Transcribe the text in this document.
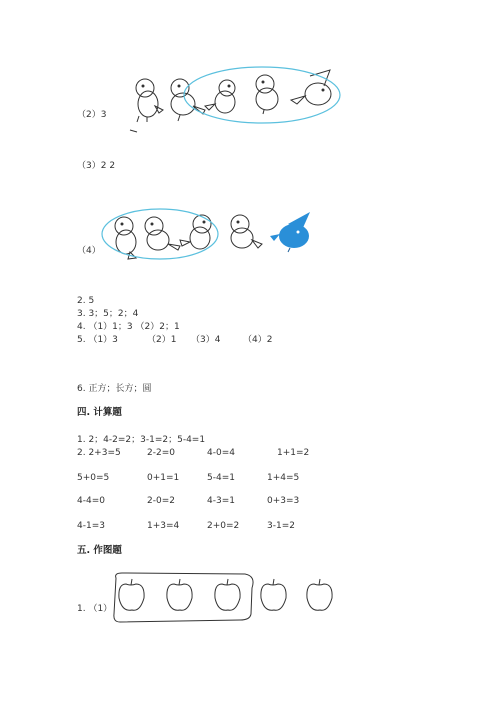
（2）3
（3）2 2
（4）
2. 5
3. 3；5；2；4
4. （1）1；3 （2）2；1
5. （1）3	（2）1 （3）4	（4）2
6. 正方；长方；圆
四. 计算题
1. 2；4-2=2；3-1=2；5-4=1
2. 2+3=5	2-2=0	4-0=4	1+1=2
5+0=5	0+1=1	5-4=1	1+4=5
4-4=0	2-0=2	4-3=1	0+3=3
4-1=3	1+3=4	2+0=2	3-1=2
五. 作图题
1. （1）
